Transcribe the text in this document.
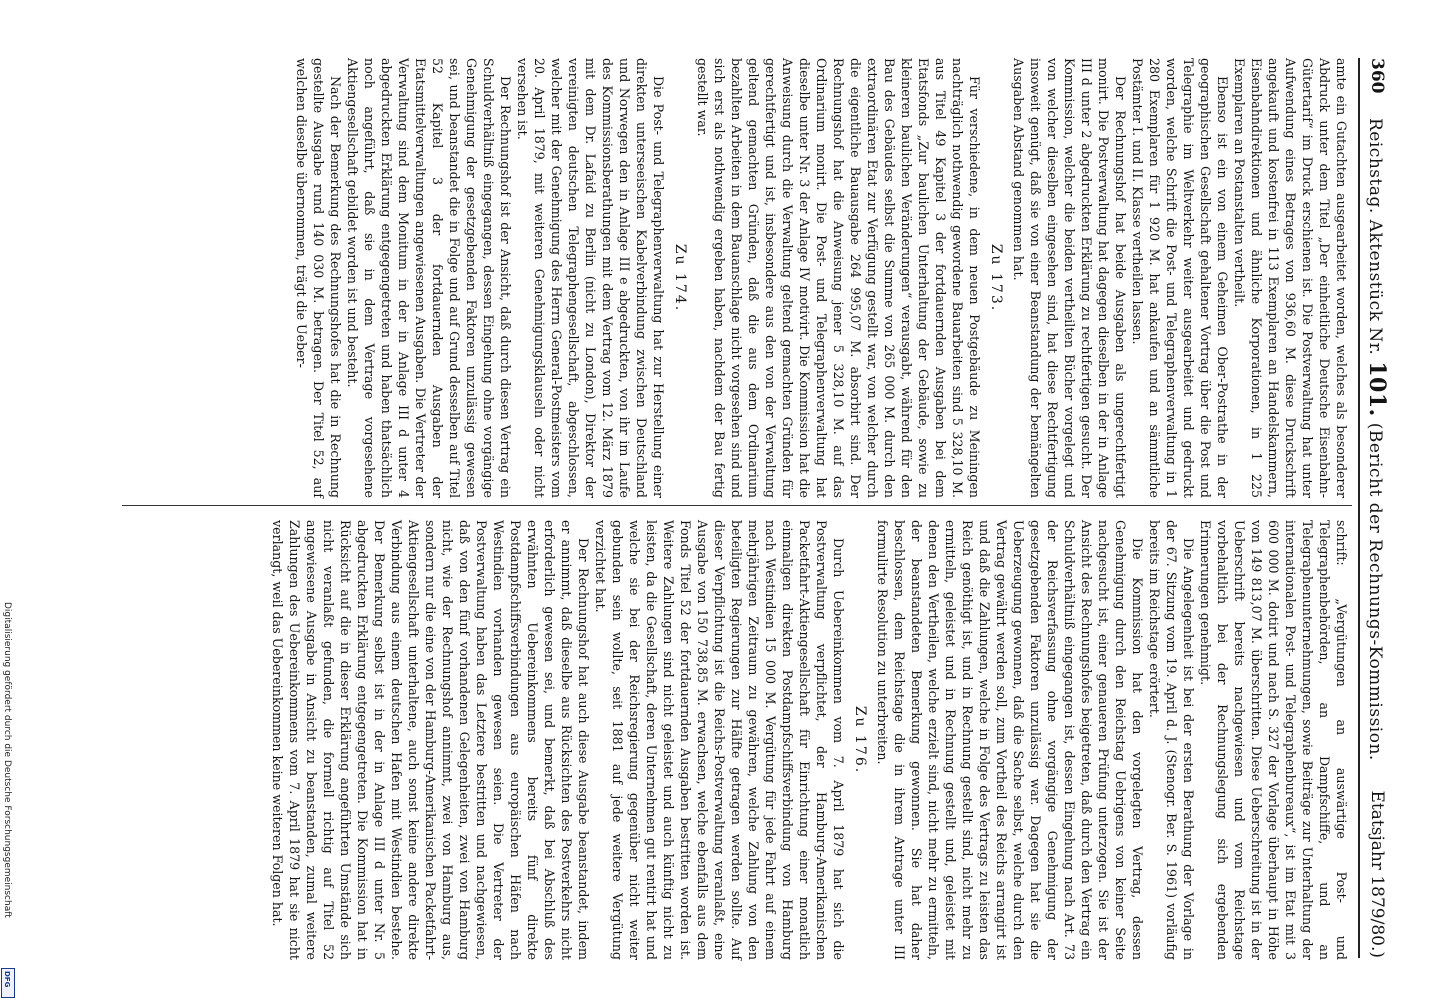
360
Reichstag. Aktenstück Nr. 101. (Bericht der Rechnungs-Kommission.
Etatsjahr 1879/80.)

amte ein Gutachten ausgearbeitet worden, welches als besonderer Abdruck unter dem Titel „Der einheitliche Deutsche Eisenbahn-Gütertarif“ im Druck erschienen ist. Die Postverwaltung hat unter Aufwendung eines Betrages von 936,60 M. diese Druckschrift angekauft und kostenfrei in 113 Exemplaren an Handelskammern, Eisenbahndirektionen und ähnliche Korporationen, in 1 225 Exemplaren an Postanstalten vertheilt.

Ebenso ist ein von einem Geheimen Ober-Postrathe in der geographischen Gesellschaft gehaltener Vortrag über die Post und Telegraphie im Weltverkehr weiter ausgearbeitet und gedruckt worden, welche Schrift die Post- und Telegraphenverwaltung in 1 280 Exemplaren für 1 920 M. hat ankaufen und an sämmtliche Postämter I. und II. Klasse vertheilen lassen.

Der Rechnungshof hat beide Ausgaben als ungerechtfertigt monirt. Die Postverwaltung hat dagegen dieselben in der in Anlage III d unter 2 abgedruckten Erklärung zu rechtfertigen gesucht. Der Kommission, welcher die beiden vertheilten Bücher vorgelegt und von welcher dieselben eingesehen sind, hat diese Rechtfertigung insoweit genügt, daß sie von einer Beanstandung der bemängelten Ausgaben Abstand genommen hat.

Zu 173.

Für verschiedene, in dem neuen Postgebäude zu Meiningen nachträglich nothwendig gewordene Bauarbeiten sind 5 328,10 M. aus Titel 49 Kapitel 3 der fortdauernden Ausgaben bei dem Etatsfonds „Zur baulichen Unterhaltung der Gebäude, sowie zu kleineren baulichen Veränderungen“ verausgabt, während für den Bau des Gebäudes selbst die Summe von 265 000 M. durch den extraordinären Etat zur Verfügung gestellt war, von welcher durch die eigentliche Bauausgabe 264 995,07 M. absorbirt sind. Der Rechnungshof hat die Anweisung jener 5 328,10 M. auf das Ordinarium monirt. Die Post- und Telegraphenverwaltung hat dieselbe unter Nr. 3 der Anlage IV motivirt. Die Kommission hat die Anweisung durch die Verwaltung geltend gemachten Gründen für gerechtfertigt und ist, insbesondere aus den von der Verwaltung geltend gemachten Gründen, daß die aus dem Ordinarium bezahlten Arbeiten in dem Bauanschlage nicht vorgesehen sind und sich erst als nothwendig ergeben haben, nachdem der Bau fertig gestellt war.

Zu 174.

Die Post- und Telegraphenverwaltung hat zur Herstellung einer direkten unterseeischen Kabelverbindung zwischen Deutschland und Norwegen den in Anlage III e abgedruckten, von ihr im Laufe des Kommissionsberathungen mit dem Vertrag vom 12. März 1879 mit dem Dr. Lafaid zu Berlin (nicht zu London), Direktor der vereinigten deutschen Telegraphengesellschaft, abgeschlossen, welcher mit der Genehmigung des Herrn General-Postmeisters vom 20. April 1879, mit weiteren Genehmigungsklauseln oder nicht versehen ist.

Der Rechnungshof ist der Ansicht, daß durch diesen Vertrag ein Schuldverhältniß eingegangen, dessen Eingehung ohne vorgängige Genehmigung der gesetzgebenden Faktoren unzulässig gewesen sei, und beanstandet die in Folge und auf Grund desselben auf Titel 52 Kapitel 3 der fortdauernden Ausgaben der Etatsmittelverwaltungen angewiesenen Ausgaben. Die Vertreter der Verwaltung sind dem Monitum in der in Anlage III d unter 4 abgedruckten Erklärung entgegengetreten und haben thatsächlich noch angeführt, daß sie in dem Vertrage vorgesehene Aktiengesellschaft gebildet worden ist und besteht.

Nach der Bemerkung des Rechnungshofes hat die in Rechnung gestellte Ausgabe rund 140 030 M. betragen. Der Titel 52, auf welchen dieselbe übernommen, trägt die Ueber-

schrift: „Vergütungen an auswärtige Post- und Telegraphenbehörden, an Dampfschiffe, und an Telegraphenunternehmungen, sowie Beiträge zur Unterhaltung der internationalen Post- und Telegraphenbureaux“, ist im Etat mit 3 600 000 M. dotirt und nach S. 327 der Vorlage überhaupt in Höhe von 149 813,07 M. überschritten. Diese Ueberschreitung ist in der Ueberschrift bereits nachgewiesen und vom Reichstage vorbehaltlich bei der Rechnungslegung sich ergebenden Erinnerungen genehmigt.

Die Angelegenheit ist bei der ersten Berathung der Vorlage in der 67. Sitzung vom 19. April d. J. (Stenogr. Ber. S. 1961) vorläufig bereits im Reichstage erörtert.

Die Kommission hat den vorgelegten Vertrag, dessen Genehmigung durch den Reichstag Uebrigens von keiner Seite nachgesucht ist, einer genaueren Prüfung unterzogen. Sie ist der Ansicht des Rechnungshofes beigetreten, daß durch den Vertrag ein Schuldverhältniß eingegangen ist, dessen Eingehung nach Art. 73 der Reichsverfassung ohne vorgängige Genehmigung der gesetzgebenden Faktoren unzulässig war. Dagegen hat sie die Ueberzeugung gewonnen, daß die Sache selbst, welche durch den Vertrag gewährt werden soll, zum Vortheil des Reichs arrangirt ist und daß die Zahlungen, welche in Folge des Vertrags zu leisten das Reich genöthigt ist, und in Rechnung gestellt sind, nicht mehr zu ermitteln, geleistet und in Rechnung gestellt und, geleistet mit denen den Vertheilen, welche erzielt sind, nicht mehr zu ermitteln, der beanstandeten Bemerkung gewonnen. Sie hat daher beschlossen, dem Reichstage die in ihrem Antrage unter III formulirte Resolution zu unterbreiten.

Zu 176.

Durch Uebereinkommen vom 7. April 1879 hat sich die Postverwaltung verpflichtet, der Hamburg-Amerikanischen Packetfahrt-Aktiengesellschaft für Einrichtung einer monatlich einmaligen direkten Postdampfschiffsverbindung von Hamburg nach Westindien 15 000 M. Vergütung für jede Fahrt auf einem mehrjährigen Zeitraum zu gewähren, welche Zahlung von den beteiligten Regierungen zur Hälfte getragen werden sollte. Auf dieser Verpflichtung ist die Reichs-Postverwaltung veranlaßt, eine Ausgabe von 150 738,85 M. erwachsen, welche ebenfalls aus dem Fonds Titel 52 der fortdauernden Ausgaben bestritten worden ist. Weitere Zahlungen sind nicht geleistet und auch künftig nicht zu leisten, da die Gesellschaft, deren Unternehmen gut rentirt hat und welche sie bei der Reichsregierung gegenüber nicht weiter gebunden sein wollte, seit 1881 auf jede weitere Vergütung verzichtet hat.

Der Rechnungshof hat auch diese Ausgabe beanstandet, indem er annimmt, daß dieselbe aus Rücksichten des Postverkehrs nicht erforderlich gewesen sei, und bemerkt, daß bei Abschluß des erwähnten Uebereinkommens bereits fünf direkte Postdampfschiffsverbindungen aus europäischen Häfen nach Westindien vorhanden gewesen seien. Die Vertreter der Postverwaltung haben das Letztere bestritten und nachgewiesen, daß von den fünf vorhandenen Gelegenheiten, zwei von Hamburg nicht, wie der Rechnungshof annimmt, zwei von Hamburg aus, sondern nur die eine von der Hamburg-Amerikanischen Packetfahrt-Aktiengesellschaft unterhaltene, auch sonst keine andere direkte Verbindung aus einem deutschen Hafen mit Westindien bestehe. Der Bemerkung selbst ist in der in Anlage III d unter Nr. 5 abgedruckten Erklärung entgegengetreten. Die Kommission hat in Rücksicht auf die in dieser Erklärung angeführten Umstände sich nicht veranlaßt gefunden, die formell richtig auf Titel 52 angewiesene Ausgabe in Ansicht zu beanstanden, zumal weitere Zahlungen des Uebereinkommens vom 7. April 1879 hat sie nicht verlangt, weil das Uebereinkommen keine weiteren Folgen hat.

Digitalisierung gefördert durch die Deutsche Forschungsgemeinschaft
DFG
